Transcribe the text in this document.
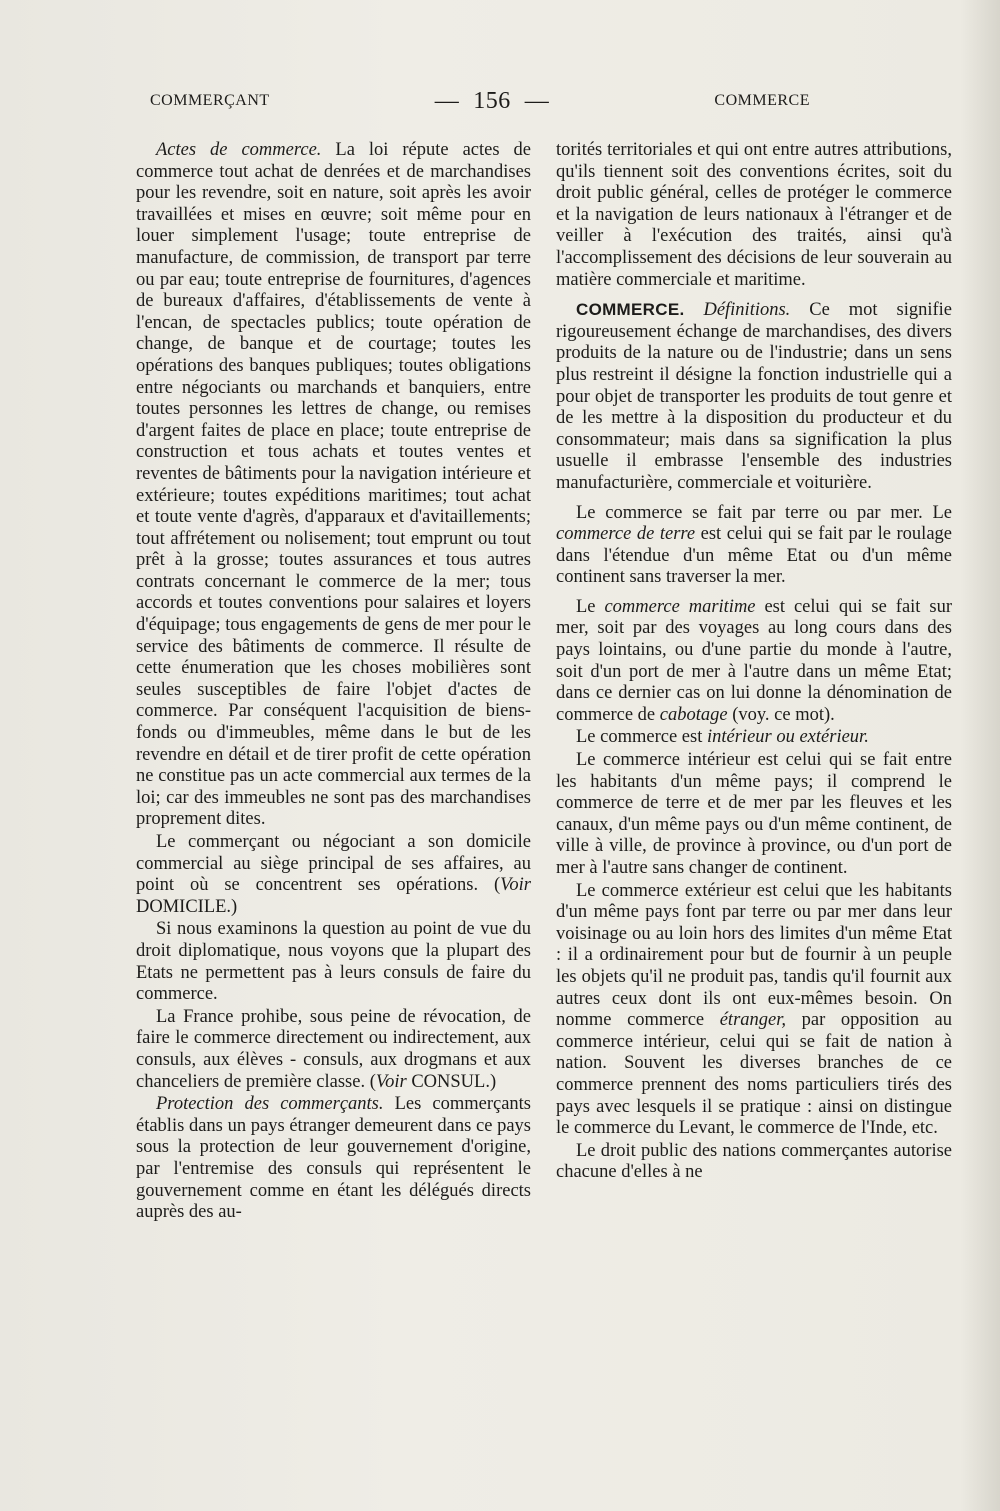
COMMERÇANT	— 156 —	COMMERCE

Actes de commerce. La loi répute actes de commerce tout achat de denrées et de marchandises pour les revendre, soit en nature, soit après les avoir travaillées et mises en œuvre; soit même pour en louer simplement l'usage; toute entreprise de manufacture, de commission, de transport par terre ou par eau; toute entreprise de fournitures, d'agences de bureaux d'affaires, d'établissements de vente à l'encan, de spectacles publics; toute opération de change, de banque et de courtage; toutes les opérations des banques publiques; toutes obligations entre négociants ou marchands et banquiers, entre toutes personnes les lettres de change, ou remises d'argent faites de place en place; toute entreprise de construction et tous achats et toutes ventes et reventes de bâtiments pour la navigation intérieure et extérieure; toutes expéditions maritimes; tout achat et toute vente d'agrès, d'apparaux et d'avitaillements; tout affrétement ou nolisement; tout emprunt ou tout prêt à la grosse; toutes assurances et tous autres contrats concernant le commerce de la mer; tous accords et toutes conventions pour salaires et loyers d'équipage; tous engagements de gens de mer pour le service des bâtiments de commerce. Il résulte de cette énumeration que les choses mobilières sont seules susceptibles de faire l'objet d'actes de commerce. Par conséquent l'acquisition de biens-fonds ou d'immeubles, même dans le but de les revendre en détail et de tirer profit de cette opération ne constitue pas un acte commercial aux termes de la loi; car des immeubles ne sont pas des marchandises proprement dites.

Le commerçant ou négociant a son domicile commercial au siège principal de ses affaires, au point où se concentrent ses opérations. (Voir DOMICILE.)

Si nous examinons la question au point de vue du droit diplomatique, nous voyons que la plupart des Etats ne permettent pas à leurs consuls de faire du commerce.

La France prohibe, sous peine de révocation, de faire le commerce directement ou indirectement, aux consuls, aux élèves - consuls, aux drogmans et aux chanceliers de première classe. (Voir CONSUL.)

Protection des commerçants. Les commerçants établis dans un pays étranger demeurent dans ce pays sous la protection de leur gouvernement d'origine, par l'entremise des consuls qui représentent le gouvernement comme en étant les délégués directs auprès des au-

torités territoriales et qui ont entre autres attributions, qu'ils tiennent soit des conventions écrites, soit du droit public général, celles de protéger le commerce et la navigation de leurs nationaux à l'étranger et de veiller à l'exécution des traités, ainsi qu'à l'accomplissement des décisions de leur souverain au matière commerciale et maritime.

COMMERCE. Définitions. Ce mot signifie rigoureusement échange de marchandises, des divers produits de la nature ou de l'industrie; dans un sens plus restreint il désigne la fonction industrielle qui a pour objet de transporter les produits de tout genre et de les mettre à la disposition du producteur et du consommateur; mais dans sa signification la plus usuelle il embrasse l'ensemble des industries manufacturière, commerciale et voiturière.

Le commerce se fait par terre ou par mer. Le commerce de terre est celui qui se fait par le roulage dans l'étendue d'un même Etat ou d'un même continent sans traverser la mer.

Le commerce maritime est celui qui se fait sur mer, soit par des voyages au long cours dans des pays lointains, ou d'une partie du monde à l'autre, soit d'un port de mer à l'autre dans un même Etat; dans ce dernier cas on lui donne la dénomination de commerce de cabotage (voy. ce mot).

Le commerce est intérieur ou extérieur.

Le commerce intérieur est celui qui se fait entre les habitants d'un même pays; il comprend le commerce de terre et de mer par les fleuves et les canaux, d'un même pays ou d'un même continent, de ville à ville, de province à province, ou d'un port de mer à l'autre sans changer de continent.

Le commerce extérieur est celui que les habitants d'un même pays font par terre ou par mer dans leur voisinage ou au loin hors des limites d'un même Etat : il a ordinairement pour but de fournir à un peuple les objets qu'il ne produit pas, tandis qu'il fournit aux autres ceux dont ils ont eux-mêmes besoin. On nomme commerce étranger, par opposition au commerce intérieur, celui qui se fait de nation à nation. Souvent les diverses branches de ce commerce prennent des noms particuliers tirés des pays avec lesquels il se pratique : ainsi on distingue le commerce du Levant, le commerce de l'Inde, etc.

Le droit public des nations commerçantes autorise chacune d'elles à ne
